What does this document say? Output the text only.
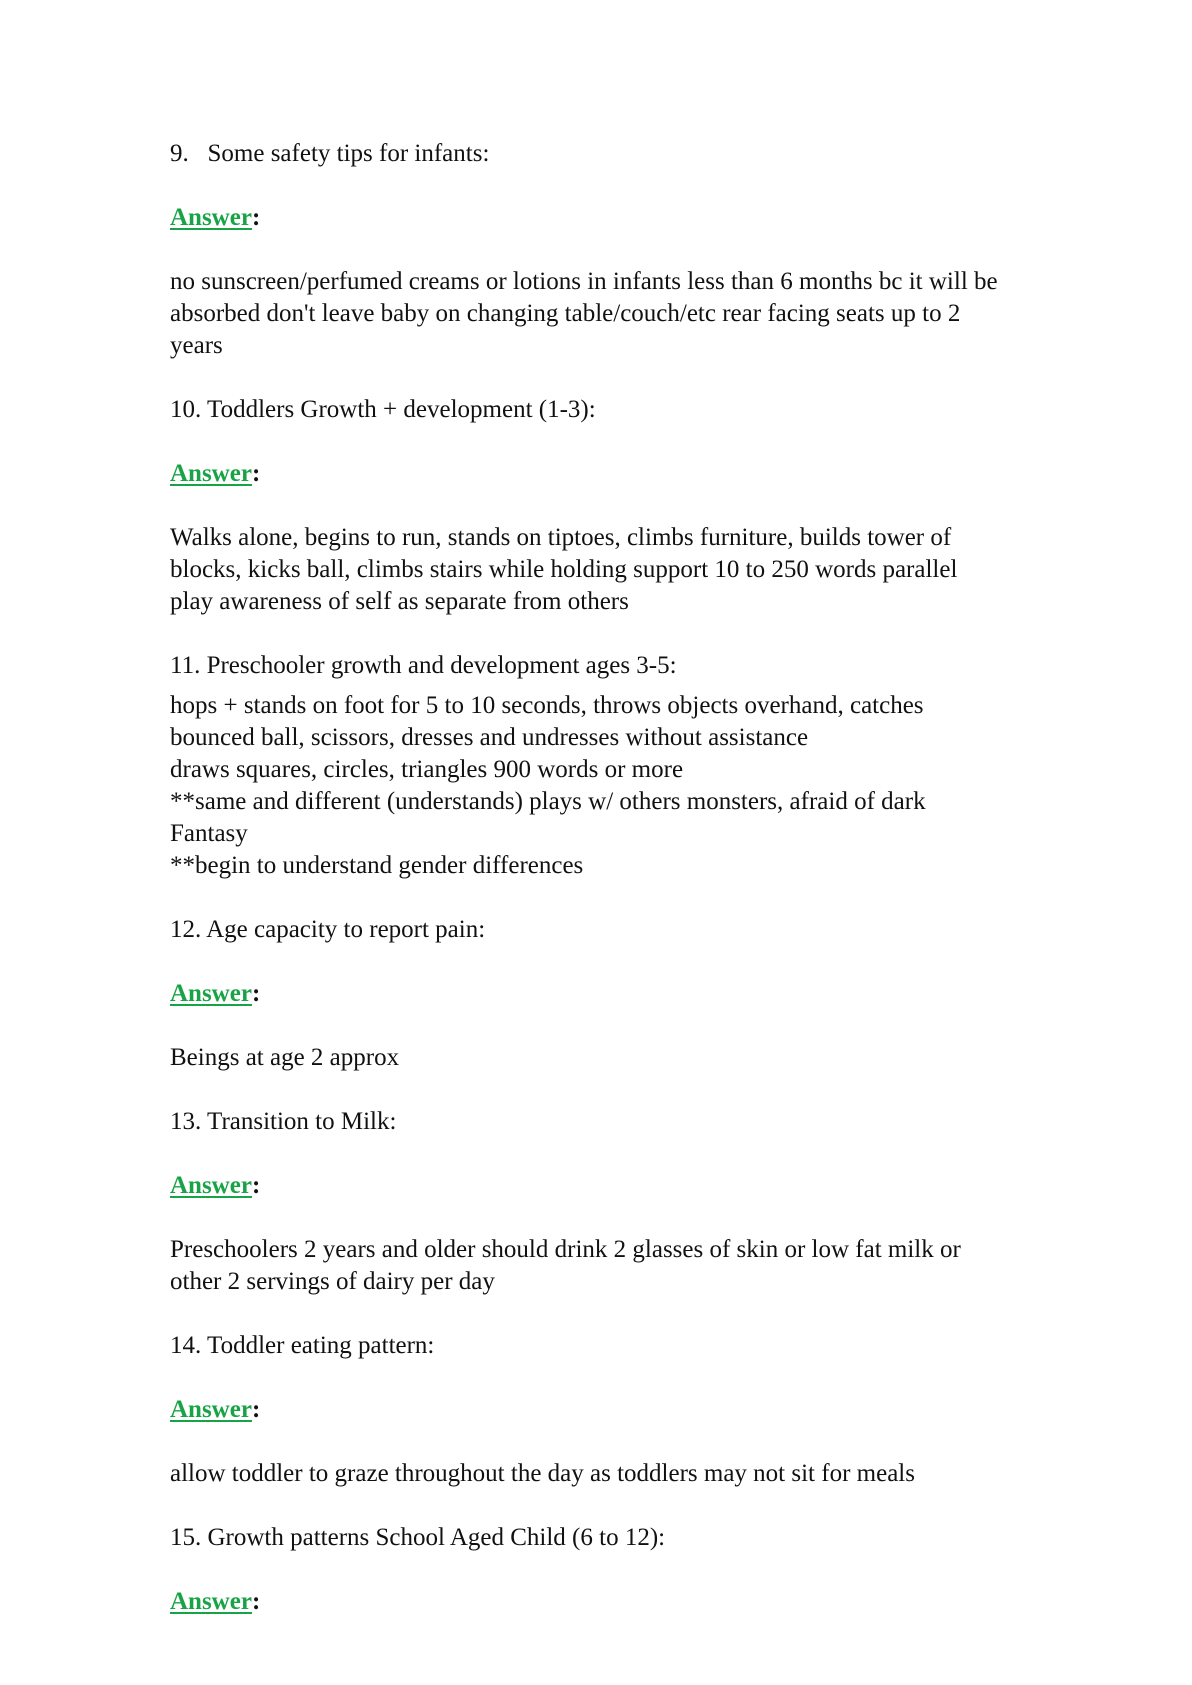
9.   Some safety tips for infants:

Answer:

no sunscreen/perfumed creams or lotions in infants less than 6 months bc it will be
absorbed don't leave baby on changing table/couch/etc rear facing seats up to 2
years

10. Toddlers Growth + development (1-3):

Answer:

Walks alone, begins to run, stands on tiptoes, climbs furniture, builds tower of
blocks, kicks ball, climbs stairs while holding support 10 to 250 words parallel
play awareness of self as separate from others

11. Preschooler growth and development ages 3-5:

hops + stands on foot for 5 to 10 seconds, throws objects overhand, catches
bounced ball, scissors, dresses and undresses without assistance
draws squares, circles, triangles 900 words or more
**same and different (understands) plays w/ others monsters, afraid of dark
Fantasy
**begin to understand gender differences

12. Age capacity to report pain:

Answer:

Beings at age 2 approx

13. Transition to Milk:

Answer:

Preschoolers 2 years and older should drink 2 glasses of skin or low fat milk or
other 2 servings of dairy per day

14. Toddler eating pattern:

Answer:

allow toddler to graze throughout the day as toddlers may not sit for meals

15. Growth patterns School Aged Child (6 to 12):

Answer:
